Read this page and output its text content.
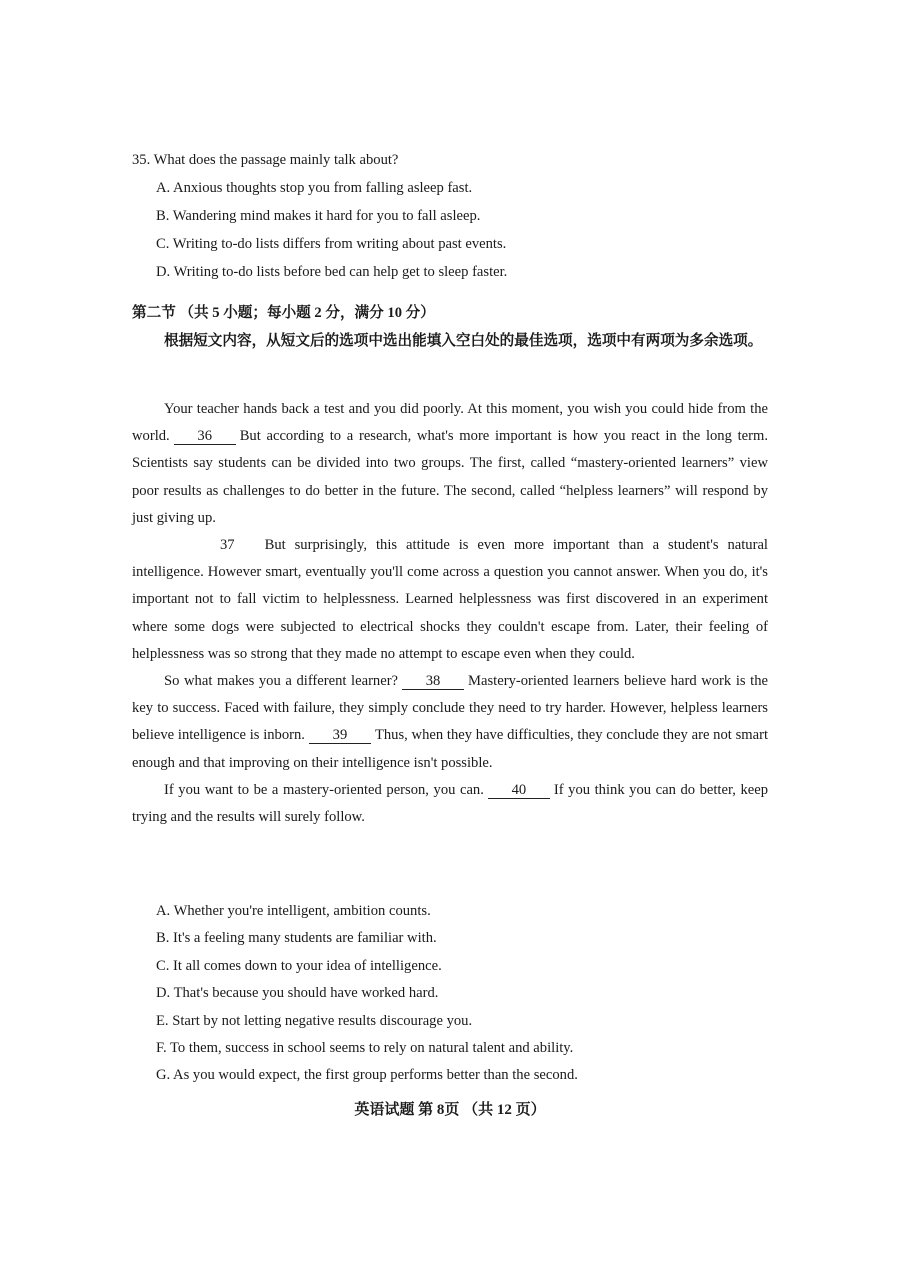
35. What does the passage mainly talk about?
A. Anxious thoughts stop you from falling asleep fast.
B. Wandering mind makes it hard for you to fall asleep.
C. Writing to-do lists differs from writing about past events.
D. Writing to-do lists before bed can help get to sleep faster.
第二节 （共 5 小题；每小题 2 分，满分 10 分）
根据短文内容，从短文后的选项中选出能填入空白处的最佳选项，选项中有两项为多余选项。
Your teacher hands back a test and you did poorly. At this moment, you wish you could hide from the world. 36 But according to a research, what's more important is how you react in the long term. Scientists say students can be divided into two groups. The first, called “mastery-oriented learners” view poor results as challenges to do better in the future. The second, called “helpless learners” will respond by just giving up.
37 But surprisingly, this attitude is even more important than a student's natural intelligence. However smart, eventually you'll come across a question you cannot answer. When you do, it's important not to fall victim to helplessness. Learned helplessness was first discovered in an experiment where some dogs were subjected to electrical shocks they couldn't escape from. Later, their feeling of helplessness was so strong that they made no attempt to escape even when they could.
So what makes you a different learner? 38 Mastery-oriented learners believe hard work is the key to success. Faced with failure, they simply conclude they need to try harder. However, helpless learners believe intelligence is inborn. 39 Thus, when they have difficulties, they conclude they are not smart enough and that improving on their intelligence isn't possible.
If you want to be a mastery-oriented person, you can. 40 If you think you can do better, keep trying and the results will surely follow.
A. Whether you're intelligent, ambition counts.
B. It's a feeling many students are familiar with.
C. It all comes down to your idea of intelligence.
D. That's because you should have worked hard.
E. Start by not letting negative results discourage you.
F. To them, success in school seems to rely on natural talent and ability.
G. As you would expect, the first group performs better than the second.
英语试题 第 8页 （共 12 页）
